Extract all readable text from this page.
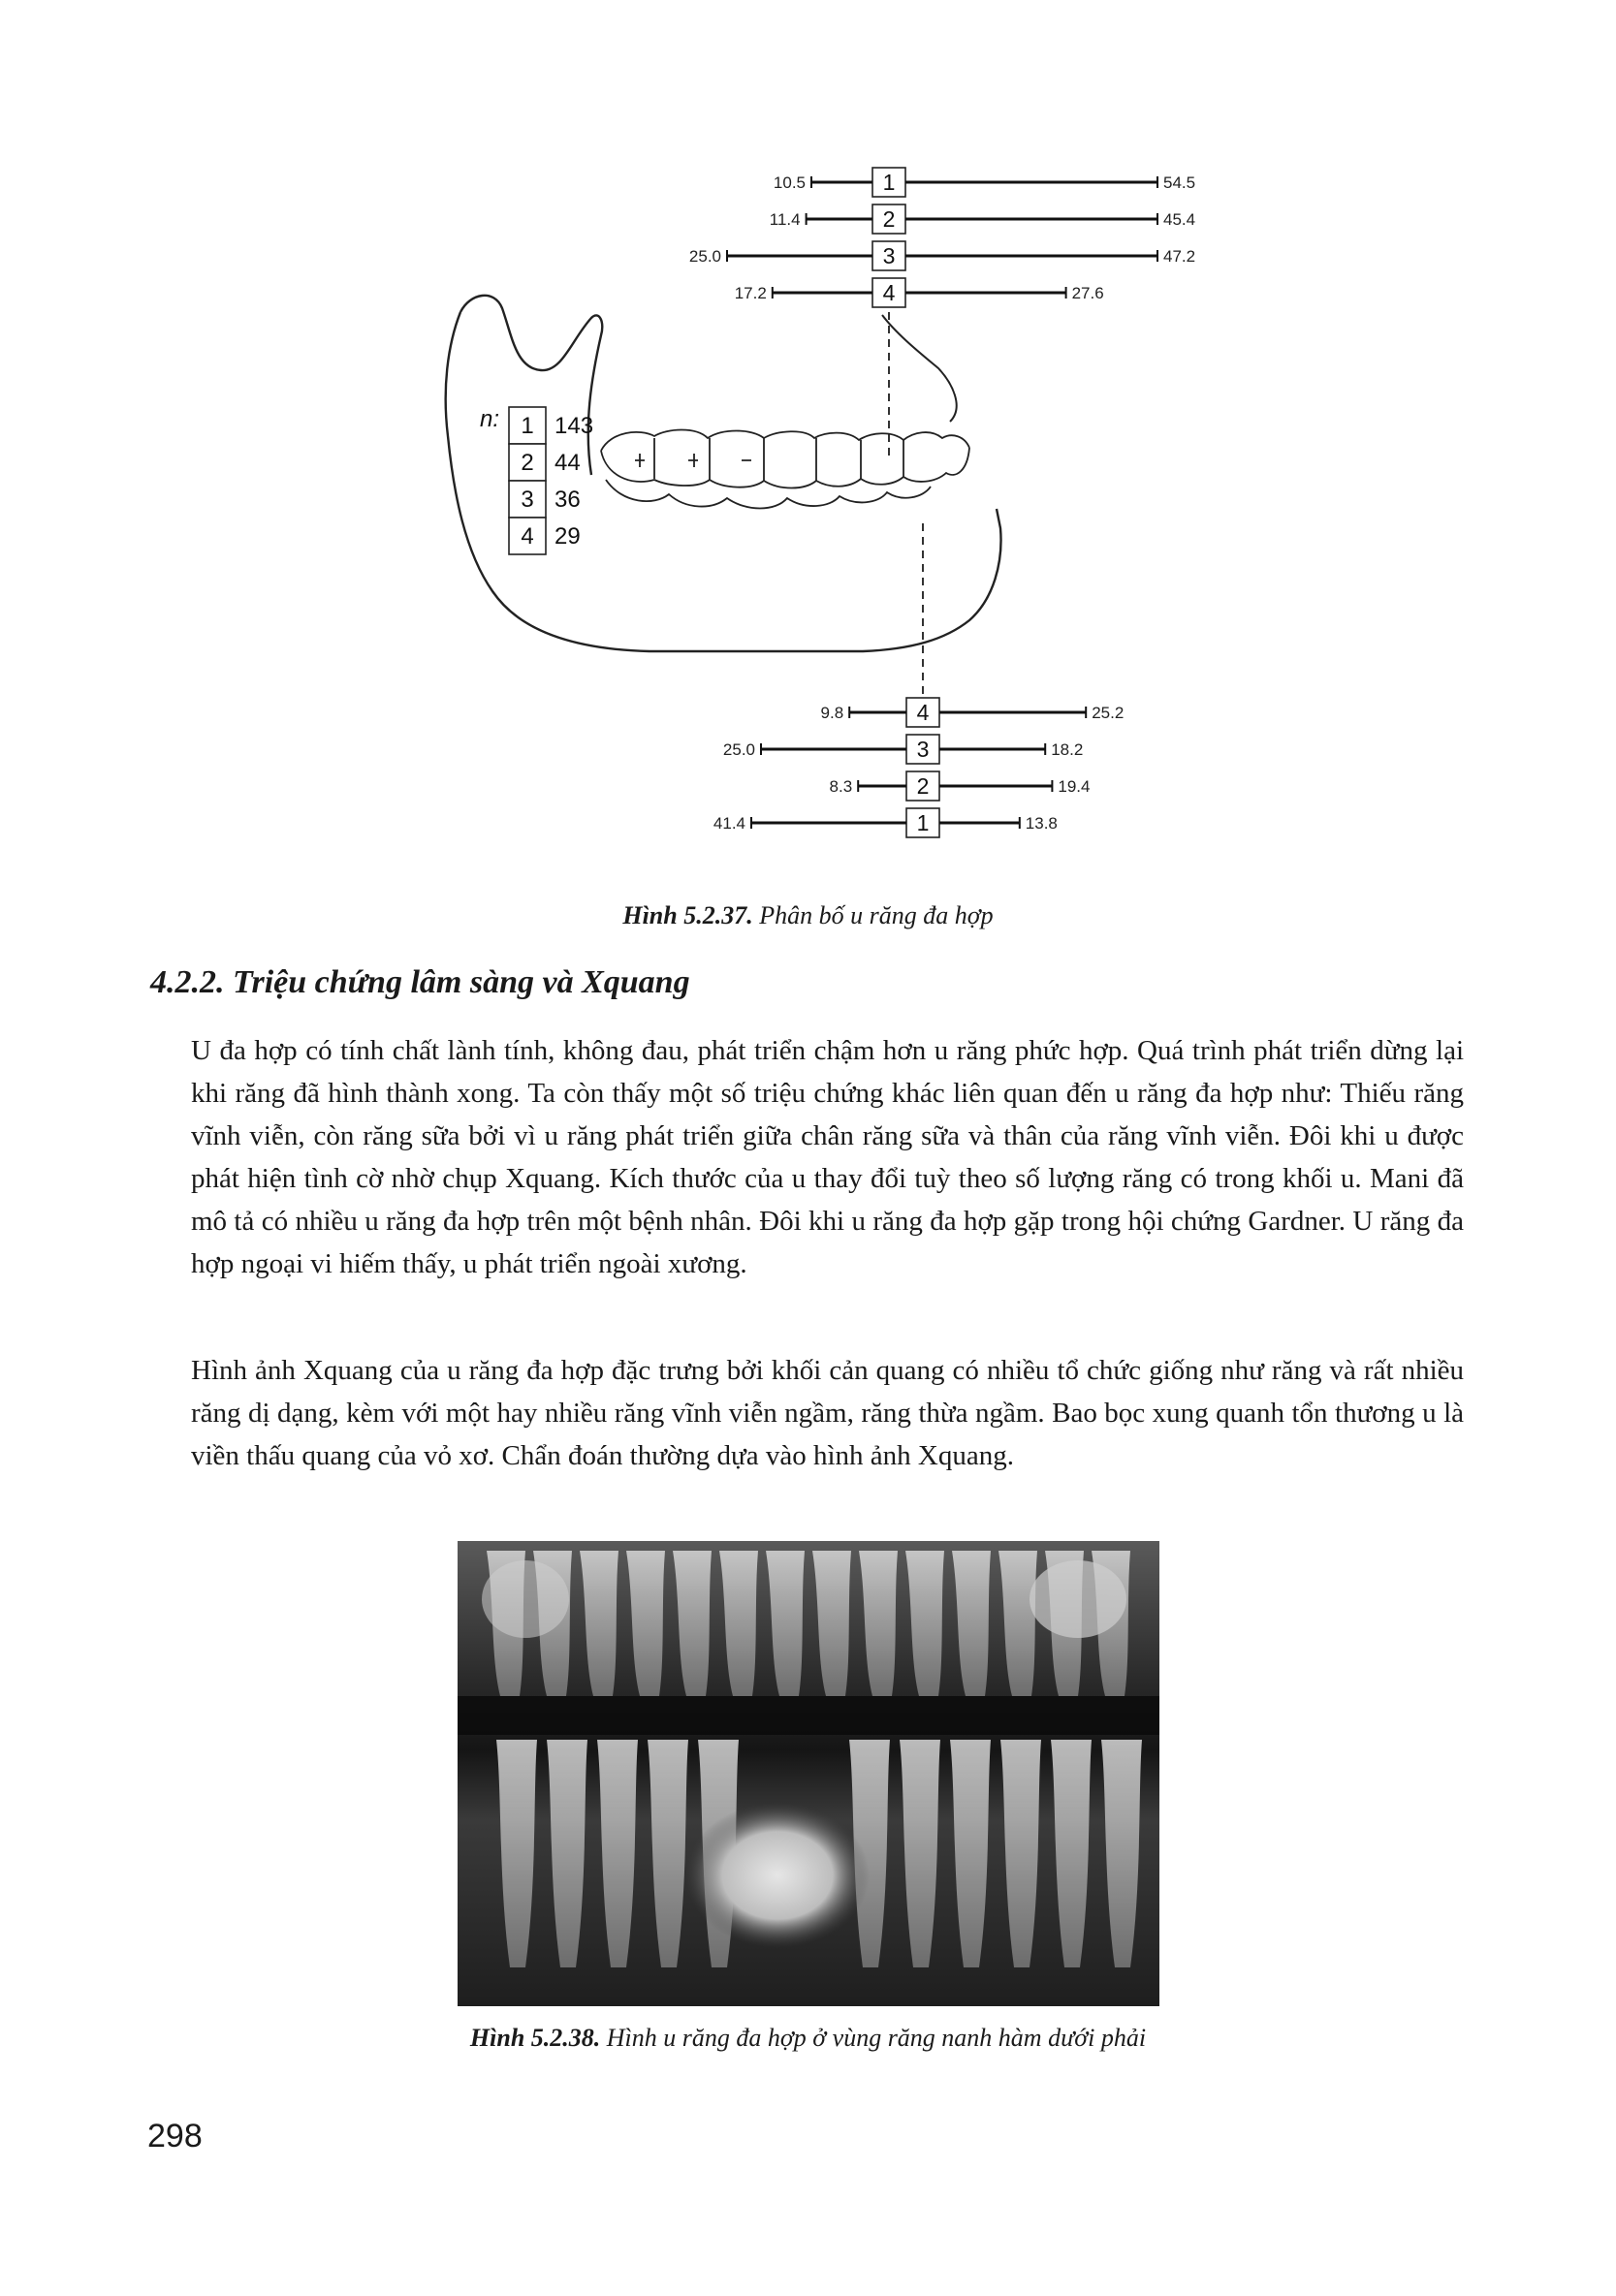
1
10.5	54.5
2
11.4	45.4
3
25.0	47.2
4
17.2	27.6
n: 1 143
2 44
3 36
4 29
4
9.8	25.2
3
25.0	18.2
2
8.3	19.4
1
41.4	13.8

Hình 5.2.37. Phân bố u răng đa hợp

4.2.2. Triệu chứng lâm sàng và Xquang

U đa hợp có tính chất lành tính, không đau, phát triển chậm hơn u răng phức hợp. Quá trình phát triển dừng lại khi răng đã hình thành xong. Ta còn thấy một số triệu chứng khác liên quan đến u răng đa hợp như: Thiếu răng vĩnh viễn, còn răng sữa bởi vì u răng phát triển giữa chân răng sữa và thân của răng vĩnh viễn. Đôi khi u được phát hiện tình cờ nhờ chụp Xquang. Kích thước của u thay đổi tuỳ theo số lượng răng có trong khối u. Mani đã mô tả có nhiều u răng đa hợp trên một bệnh nhân. Đôi khi u răng đa hợp gặp trong hội chứng Gardner. U răng đa hợp ngoại vi hiếm thấy, u phát triển ngoài xương.

Hình ảnh Xquang của u răng đa hợp đặc trưng bởi khối cản quang có nhiều tổ chức giống như răng và rất nhiều răng dị dạng, kèm với một hay nhiều răng vĩnh viễn ngầm, răng thừa ngầm. Bao bọc xung quanh tổn thương u là viền thấu quang của vỏ xơ. Chẩn đoán thường dựa vào hình ảnh Xquang.

Hình 5.2.38. Hình u răng đa hợp ở vùng răng nanh hàm dưới phải

298
